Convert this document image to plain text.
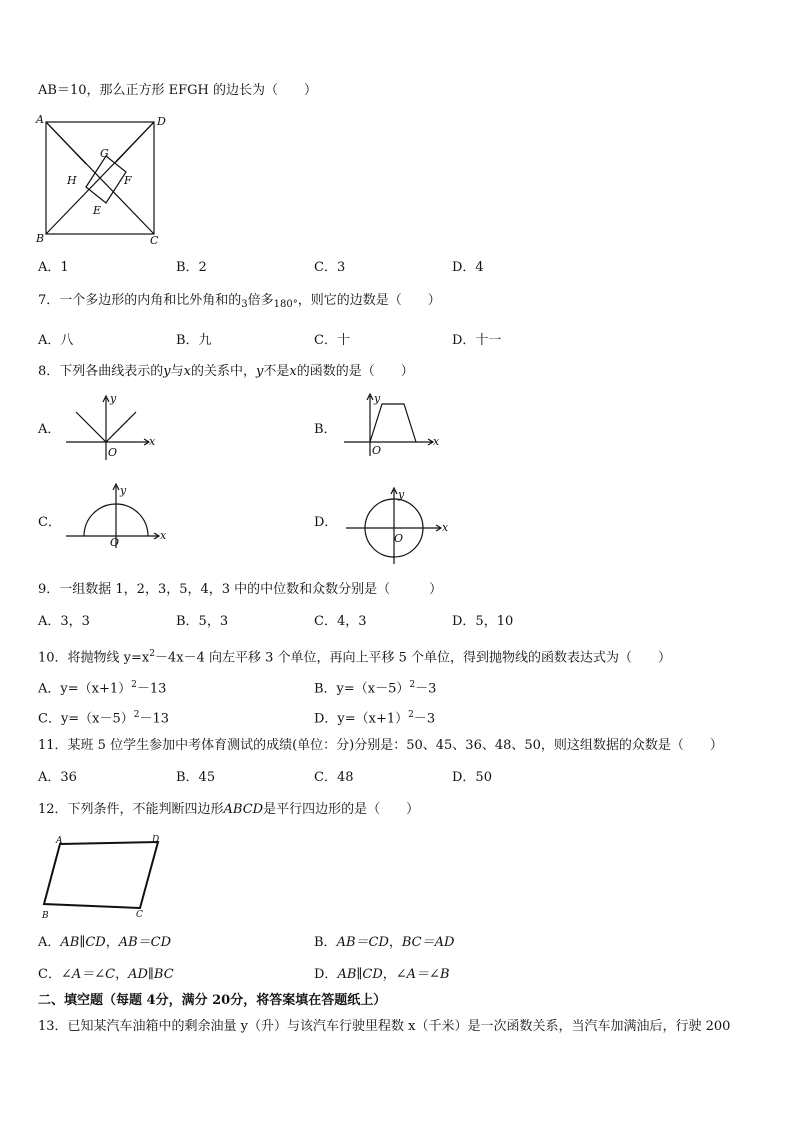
AB＝10，那么正方形 EFGH 的边长为（　　）
A	D
B	C
G
H	F
E
A．1	B．2	C．3	D．4
7．一个多边形的内角和比外角和的$_3$倍多$_{180^\circ}$，则它的边数是（　　）
A．八	B．九	C．十	D．十一
8．下列各曲线表示的y与x的关系中，y不是x的函数的是（　　）
A．
x
y
O
B．
x
y
O
C．
x
y
O
D．	x
y
O
9．一组数据 1，2，3，5，4，3 中的中位数和众数分别是（　　　）
A．3，3	B．5，3	C．4，3	D．5，10
10．将抛物线 $y=x^2-4x-4$ 向左平移 3 个单位，再向上平移 5 个单位，得到抛物线的函数表达式为（　　）
A．$y=(x+1)^2-13$	B．$y=(x-5)^2-3$
C．$y=(x-5)^2-13$	D．$y=(x+1)^2-3$
11．某班 5 位学生参加中考体育测试的成绩(单位：分)分别是：50、45、36、48、50，则这组数据的众数是（　　）
A．36	B．45	C．48	D．50
12．下列条件，不能判断四边形ABCD是平行四边形的是（　　）
A	D
B	C
A．AB∥CD，AB＝CD	B．AB＝CD，BC＝AD
C．∠A＝∠C，AD∥BC	D．AB∥CD，∠A＝∠B
二、填空题（每题 4分，满分 20分，将答案填在答题纸上）
13．已知某汽车油箱中的剩余油量 y（升）与该汽车行驶里程数 x（千米）是一次函数关系，当汽车加满油后，行驶 200
